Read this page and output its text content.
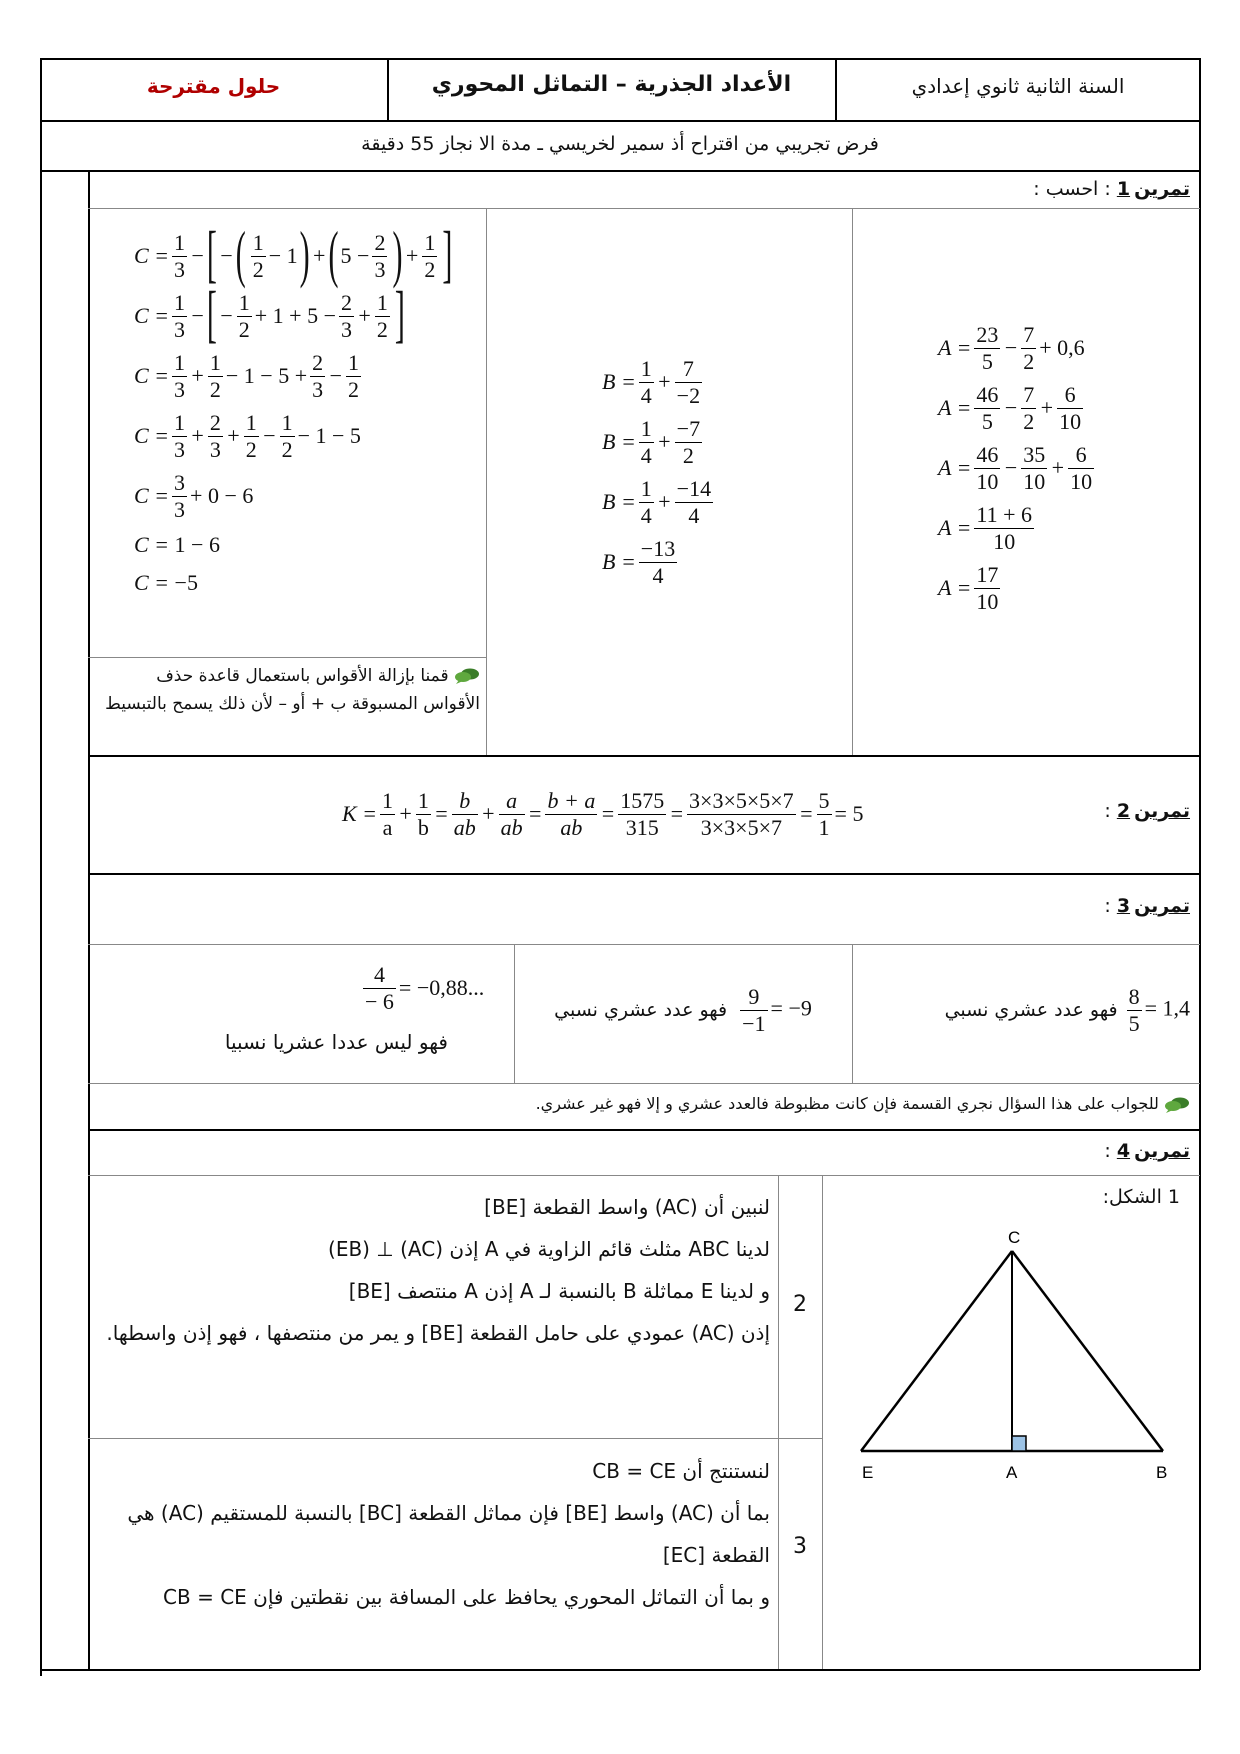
حلول مقترحة	الأعداد الجذرية – التماثل المحوري	السنة الثانية ثانوي إعدادي
فرض تجريبي من اقتراح أذ سمير لخريسي ـ مدة الا نجاز 55 دقيقة
تمرين1 : احسب :
$C = \frac{1}{3}$ − [ − ( $\frac{1}{2} - 1$ ) + ( $5 - \frac{2}{3}$ ) + $\frac{1}{2}$ ]
$C = \frac{1}{3}$ − [ − $\frac{1}{2} + 1 + 5 - \frac{2}{3} + \frac{1}{2}$ ]
$C = \frac{1}{3} + \frac{1}{2} - 1 - 5 + \frac{2}{3} - \frac{1}{2}$
$C = \frac{1}{3} + \frac{2}{3} + \frac{1}{2} - \frac{1}{2} - 1 - 5$
$C = \frac{3}{3} + 0 - 6$
C = 1 − 6
C = −5
قمنا بإزالة الأقواس باستعمال قاعدة حذف الأقواس المسبوقة ب + أو – لأن ذلك يسمح بالتبسيط
$B = \frac{1}{4} + \frac{7}{-2}$
$B = \frac{1}{4} + \frac{-7}{2}$
$B = \frac{1}{4} + \frac{-14}{4}$
$B = \frac{-13}{4}$
$A = \frac{23}{5} - \frac{7}{2} + 0,6$
$A = \frac{46}{5} - \frac{7}{2} + \frac{6}{10}$
$A = \frac{46}{10} - \frac{35}{10} + \frac{6}{10}$
$A = \frac{11 + 6}{10}$
$A = \frac{17}{10}$
تمرين2 :
$K = \frac{1}{a} + \frac{1}{b} = \frac{b}{ab} + \frac{a}{ab} = \frac{b + a}{ab} = \frac{1575}{315} = \frac{3\times 3\times 5\times 5\times 7}{3\times 3\times 5\times 7} = \frac{5}{1} = 5$
تمرين3 :
فهو عدد عشري نسبي $\frac{8}{5} = 1,4$
فهو عدد عشري نسبي $\frac{9}{-1} = -9$
$\frac{4}{- 6} = -0,88$...
فهو ليس عددا عشريا نسبيا
للجواب على هذا السؤال نجري القسمة فإن كانت مظبوطة فالعدد عشري و إلا فهو غير عشري.
تمرين4 :
1 الشكل:
C
E	A	B
2
لنبين أن (AC) واسط القطعة [BE]
لدينا ABC مثلث قائم الزاوية في A إذن (AC) ⊥ (EB)
و لدينا E مماثلة B بالنسبة لـ A إذن A منتصف [BE]
إذن (AC) عمودي على حامل القطعة [BE] و يمر من منتصفها ، فهو إذن واسطها.
3
لنستنتج أن CB = CE
بما أن (AC) واسط [BE] فإن مماثل القطعة [BC] بالنسبة للمستقيم (AC) هي القطعة [EC]
و بما أن التماثل المحوري يحافظ على المسافة بين نقطتين فإن CB = CE
